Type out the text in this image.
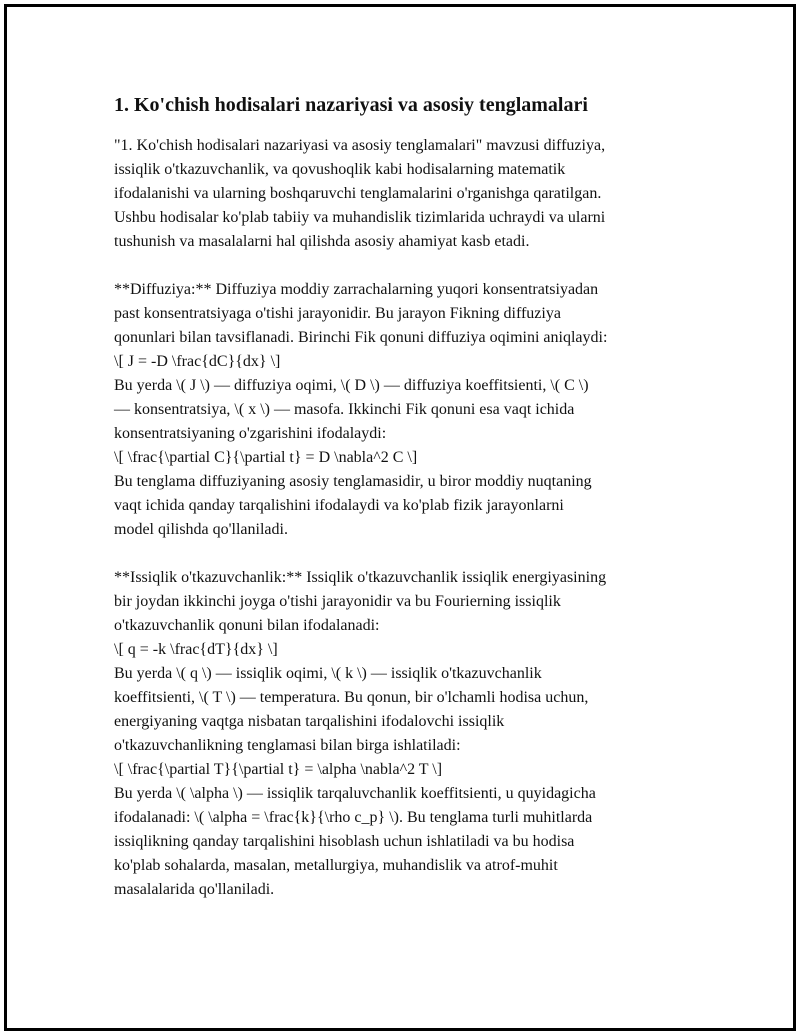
1. Ko'chish hodisalari nazariyasi va asosiy tenglamalari

"1. Ko'chish hodisalari nazariyasi va asosiy tenglamalari" mavzusi diffuziya,
issiqlik o'tkazuvchanlik, va qovushoqlik kabi hodisalarning matematik
ifodalanishi va ularning boshqaruvchi tenglamalarini o'rganishga qaratilgan.
Ushbu hodisalar ko'plab tabiiy va muhandislik tizimlarida uchraydi va ularni
tushunish va masalalarni hal qilishda asosiy ahamiyat kasb etadi.

**Diffuziya:** Diffuziya moddiy zarrachalarning yuqori konsentratsiyadan
past konsentratsiyaga o'tishi jarayonidir. Bu jarayon Fikning diffuziya
qonunlari bilan tavsiflanadi. Birinchi Fik qonuni diffuziya oqimini aniqlaydi:
\[ J = -D \frac{dC}{dx} \]
Bu yerda \( J \) — diffuziya oqimi, \( D \) — diffuziya koeffitsienti, \( C \)
— konsentratsiya, \( x \) — masofa. Ikkinchi Fik qonuni esa vaqt ichida
konsentratsiyaning o'zgarishini ifodalaydi:
\[ \frac{\partial C}{\partial t} = D \nabla^2 C \]
Bu tenglama diffuziyaning asosiy tenglamasidir, u biror moddiy nuqtaning
vaqt ichida qanday tarqalishini ifodalaydi va ko'plab fizik jarayonlarni
model qilishda qo'llaniladi.

**Issiqlik o'tkazuvchanlik:** Issiqlik o'tkazuvchanlik issiqlik energiyasining
bir joydan ikkinchi joyga o'tishi jarayonidir va bu Fourierning issiqlik
o'tkazuvchanlik qonuni bilan ifodalanadi:
\[ q = -k \frac{dT}{dx} \]
Bu yerda \( q \) — issiqlik oqimi, \( k \) — issiqlik o'tkazuvchanlik
koeffitsienti, \( T \) — temperatura. Bu qonun, bir o'lchamli hodisa uchun,
energiyaning vaqtga nisbatan tarqalishini ifodalovchi issiqlik
o'tkazuvchanlikning tenglamasi bilan birga ishlatiladi:
\[ \frac{\partial T}{\partial t} = \alpha \nabla^2 T \]
Bu yerda \( \alpha \) — issiqlik tarqaluvchanlik koeffitsienti, u quyidagicha
ifodalanadi: \( \alpha = \frac{k}{\rho c_p} \). Bu tenglama turli muhitlarda
issiqlikning qanday tarqalishini hisoblash uchun ishlatiladi va bu hodisa
ko'plab sohalarda, masalan, metallurgiya, muhandislik va atrof-muhit
masalalarida qo'llaniladi.
